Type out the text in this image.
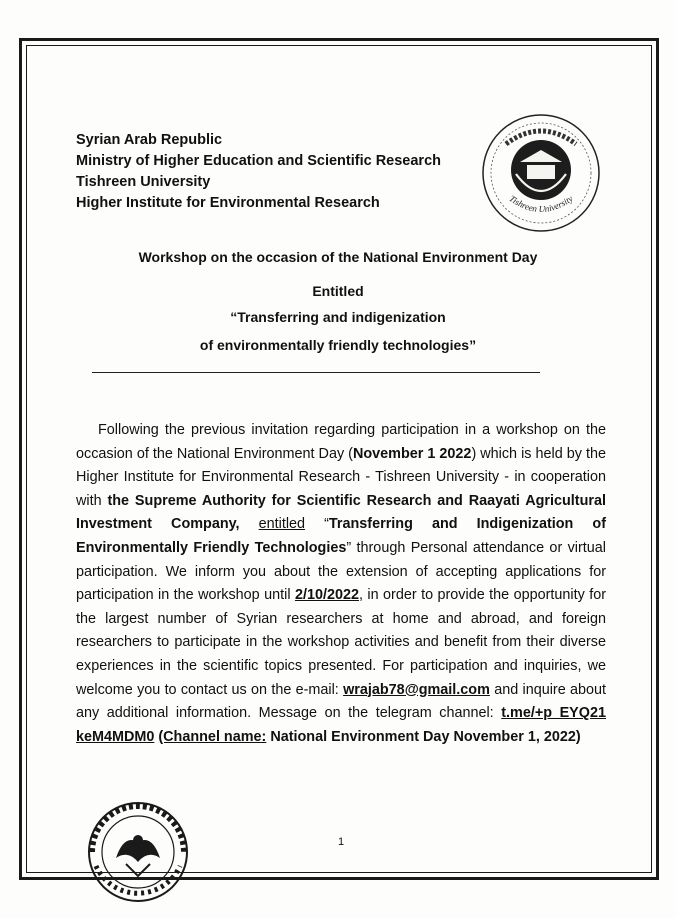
Syrian Arab Republic
Ministry of Higher Education and Scientific Research
Tishreen University
Higher Institute for Environmental Research	Tishreen University
Workshop on the occasion of the National Environment Day
Entitled
“Transferring and indigenization
of environmentally friendly technologies”
Following the previous invitation regarding participation in a workshop on the occasion of the National Environment Day (November 1 2022) which is held by the Higher Institute for Environmental Research - Tishreen University - in cooperation with the Supreme Authority for Scientific Research and Raayati Agricultural Investment Company, entitled “Transferring and Indigenization of Environmentally Friendly Technologies” through Personal attendance or virtual participation. We inform you about the extension of accepting applications for participation in the workshop until 2/10/2022, in order to provide the opportunity for the largest number of Syrian researchers at home and abroad, and foreign researchers to participate in the workshop activities and benefit from their diverse experiences in the scientific topics presented. For participation and inquiries, we welcome you to contact us on the e-mail: wrajab78@gmail.com and inquire about any additional information. Message on the telegram channel: t.me/+p EYQ21 keM4MDM0 (Channel name: National Environment Day November 1, 2022)
1
